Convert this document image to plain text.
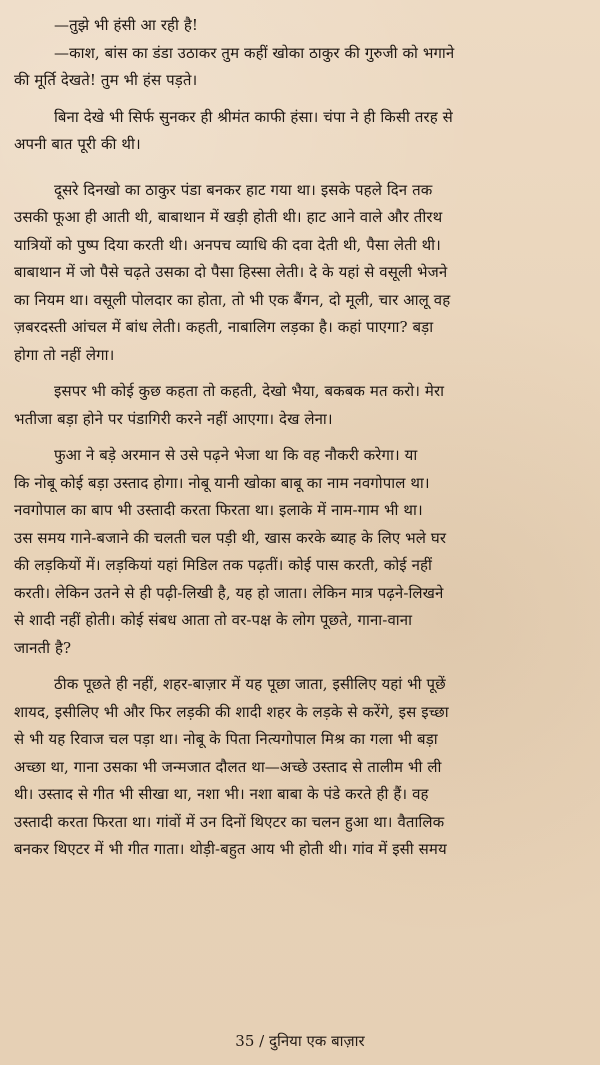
—तुझे भी हंसी आ रही है!
—काश, बांस का डंडा उठाकर तुम कहीं खोका ठाकुर की गुरुजी को भगाने
की मूर्ति देखते! तुम भी हंस पड़ते।
बिना देखे भी सिर्फ सुनकर ही श्रीमंत काफी हंसा। चंपा ने ही किसी तरह से
अपनी बात पूरी की थी।
दूसरे दिनखो का ठाकुर पंडा बनकर हाट गया था। इसके पहले दिन तक
उसकी फूआ ही आती थी, बाबाथान में खड़ी होती थी। हाट आने वाले और तीरथ
यात्रियों को पुष्प दिया करती थी। अनपच व्याधि की दवा देती थी, पैसा लेती थी।
बाबाथान में जो पैसे चढ़ते उसका दो पैसा हिस्सा लेती। दे के यहां से वसूली भेजने
का नियम था। वसूली पोलदार का होता, तो भी एक बैंगन, दो मूली, चार आलू वह
ज़बरदस्ती आंचल में बांध लेती। कहती, नाबालिग लड़का है। कहां पाएगा? बड़ा
होगा तो नहीं लेगा।
इसपर भी कोई कुछ कहता तो कहती, देखो भैया, बकबक मत करो। मेरा
भतीजा बड़ा होने पर पंडागिरी करने नहीं आएगा। देख लेना।
फुआ ने बड़े अरमान से उसे पढ़ने भेजा था कि वह नौकरी करेगा। या
कि नोबू कोई बड़ा उस्ताद होगा। नोबू यानी खोका बाबू का नाम नवगोपाल था।
नवगोपाल का बाप भी उस्तादी करता फिरता था। इलाके में नाम-गाम भी था।
उस समय गाने-बजाने की चलती चल पड़ी थी, खास करके ब्याह के लिए भले घर
की लड़कियों में। लड़कियां यहां मिडिल तक पढ़तीं। कोई पास करती, कोई नहीं
करती। लेकिन उतने से ही पढ़ी-लिखी है, यह हो जाता। लेकिन मात्र पढ़ने-लिखने
से शादी नहीं होती। कोई संबध आता तो वर-पक्ष के लोग पूछते, गाना-वाना
जानती है?
ठीक पूछते ही नहीं, शहर-बाज़ार में यह पूछा जाता, इसीलिए यहां भी पूछें
शायद, इसीलिए भी और फिर लड़की की शादी शहर के लड़के से करेंगे, इस इच्छा
से भी यह रिवाज चल पड़ा था। नोबू के पिता नित्यगोपाल मिश्र का गला भी बड़ा
अच्छा था, गाना उसका भी जन्मजात दौलत था—अच्छे उस्ताद से तालीम भी ली
थी। उस्ताद से गीत भी सीखा था, नशा भी। नशा बाबा के पंडे करते ही हैं। वह
उस्तादी करता फिरता था। गांवों में उन दिनों थिएटर का चलन हुआ था। वैतालिक
बनकर थिएटर में भी गीत गाता। थोड़ी-बहुत आय भी होती थी। गांव में इसी समय
35 / दुनिया एक बाज़ार
